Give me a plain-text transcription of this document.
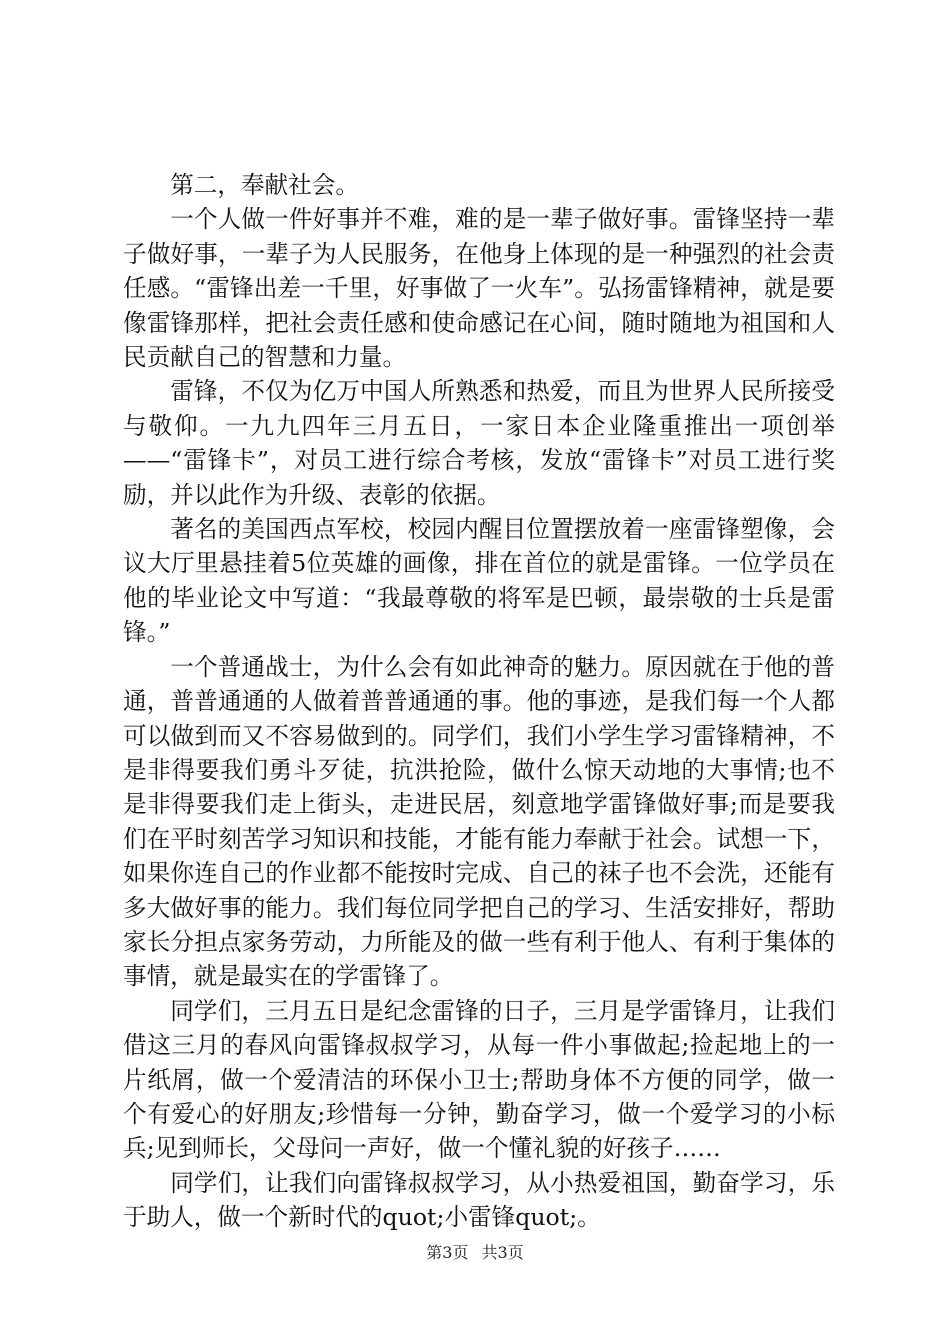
第二，奉献社会。

一个人做一件好事并不难，难的是一辈子做好事。雷锋坚持一辈子做好事，一辈子为人民服务，在他身上体现的是一种强烈的社会责任感。“雷锋出差一千里，好事做了一火车”。弘扬雷锋精神，就是要像雷锋那样，把社会责任感和使命感记在心间，随时随地为祖国和人民贡献自己的智慧和力量。

雷锋，不仅为亿万中国人所熟悉和热爱，而且为世界人民所接受与敬仰。一九九四年三月五日，一家日本企业隆重推出一项创举——“雷锋卡”，对员工进行综合考核，发放“雷锋卡”对员工进行奖励，并以此作为升级、表彰的依据。

著名的美国西点军校，校园内醒目位置摆放着一座雷锋塑像，会议大厅里悬挂着5位英雄的画像，排在首位的就是雷锋。一位学员在他的毕业论文中写道：“我最尊敬的将军是巴顿，最崇敬的士兵是雷锋。”

一个普通战士，为什么会有如此神奇的魅力。原因就在于他的普通，普普通通的人做着普普通通的事。他的事迹，是我们每一个人都可以做到而又不容易做到的。同学们，我们小学生学习雷锋精神，不是非得要我们勇斗歹徒，抗洪抢险，做什么惊天动地的大事情;也不是非得要我们走上街头，走进民居，刻意地学雷锋做好事;而是要我们在平时刻苦学习知识和技能，才能有能力奉献于社会。试想一下，如果你连自己的作业都不能按时完成、自己的袜子也不会洗，还能有多大做好事的能力。我们每位同学把自己的学习、生活安排好，帮助家长分担点家务劳动，力所能及的做一些有利于他人、有利于集体的事情，就是最实在的学雷锋了。

同学们，三月五日是纪念雷锋的日子，三月是学雷锋月，让我们借这三月的春风向雷锋叔叔学习，从每一件小事做起;捡起地上的一片纸屑，做一个爱清洁的环保小卫士;帮助身体不方便的同学，做一个有爱心的好朋友;珍惜每一分钟，勤奋学习，做一个爱学习的小标兵;见到师长，父母问一声好，做一个懂礼貌的好孩子……

同学们，让我们向雷锋叔叔学习，从小热爱祖国，勤奋学习，乐于助人，做一个新时代的quot;小雷锋quot;。

第3页 共3页
